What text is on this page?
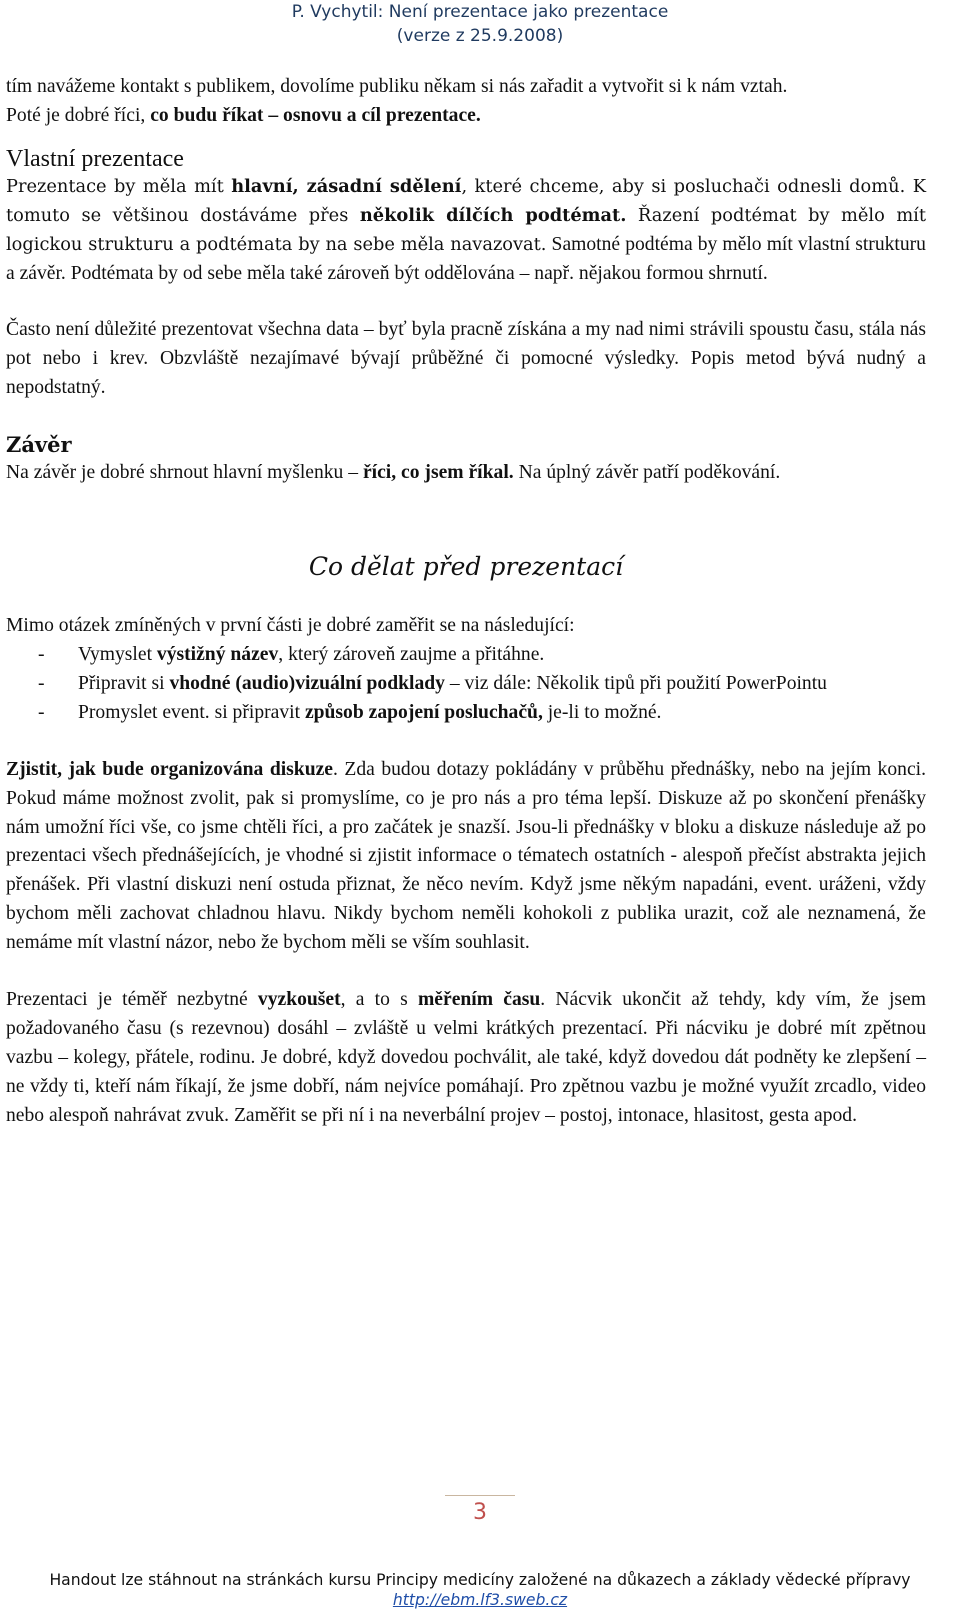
P. Vychytil: Není prezentace jako prezentace
(verze z 25.9.2008)

tím navážeme kontakt s publikem, dovolíme publiku někam si nás zařadit a vytvořit si k nám vztah.

Poté je dobré říci, co budu říkat – osnovu a cíl prezentace.

Vlastní prezentace

Prezentace by měla mít hlavní, zásadní sdělení, které chceme, aby si posluchači odnesli domů. K tomuto se většinou dostáváme přes několik dílčích podtémat. Řazení podtémat by mělo mít logickou strukturu a podtémata by na sebe měla navazovat. Samotné podtéma by mělo mít vlastní strukturu a závěr. Podtémata by od sebe měla také zároveň být oddělována – např. nějakou formou shrnutí.

Často není důležité prezentovat všechna data – byť byla pracně získána a my nad nimi strávili spoustu času, stála nás pot nebo i krev. Obzvláště nezajímavé bývají průběžné či pomocné výsledky. Popis metod bývá nudný a nepodstatný.

Závěr

Na závěr je dobré shrnout hlavní myšlenku – říci, co jsem říkal. Na úplný závěr patří poděkování.

Co dělat před prezentací

Mimo otázek zmíněných v první části je dobré zaměřit se na následující:

- Vymyslet výstižný název, který zároveň zaujme a přitáhne.
- Připravit si vhodné (audio)vizuální podklady – viz dále: Několik tipů při použití PowerPointu
- Promyslet event. si připravit způsob zapojení posluchačů, je-li to možné.

Zjistit, jak bude organizována diskuze. Zda budou dotazy pokládány v průběhu přednášky, nebo na jejím konci. Pokud máme možnost zvolit, pak si promyslíme, co je pro nás a pro téma lepší. Diskuze až po skončení přenášky nám umožní říci vše, co jsme chtěli říci, a pro začátek je snazší. Jsou-li přednášky v bloku a diskuze následuje až po prezentaci všech přednášejících, je vhodné si zjistit informace o tématech ostatních - alespoň přečíst abstrakta jejich přenášek. Při vlastní diskuzi není ostuda přiznat, že něco nevím. Když jsme někým napadáni, event. uráženi, vždy bychom měli zachovat chladnou hlavu. Nikdy bychom neměli kohokoli z publika urazit, což ale neznamená, že nemáme mít vlastní názor, nebo že bychom měli se vším souhlasit.

Prezentaci je téměř nezbytné vyzkoušet, a to s měřením času. Nácvik ukončit až tehdy, kdy vím, že jsem požadovaného času (s rezevnou) dosáhl – zvláště u velmi krátkých prezentací. Při nácviku je dobré mít zpětnou vazbu – kolegy, přátele, rodinu. Je dobré, když dovedou pochválit, ale také, když dovedou dát podněty ke zlepšení – ne vždy ti, kteří nám říkají, že jsme dobří, nám nejvíce pomáhají. Pro zpětnou vazbu je možné využít zrcadlo, video nebo alespoň nahrávat zvuk. Zaměřit se při ní i na neverbální projev – postoj, intonace, hlasitost, gesta apod.

3
Handout lze stáhnout na stránkách kursu Principy medicíny založené na důkazech a základy vědecké přípravy
http://ebm.lf3.sweb.cz
